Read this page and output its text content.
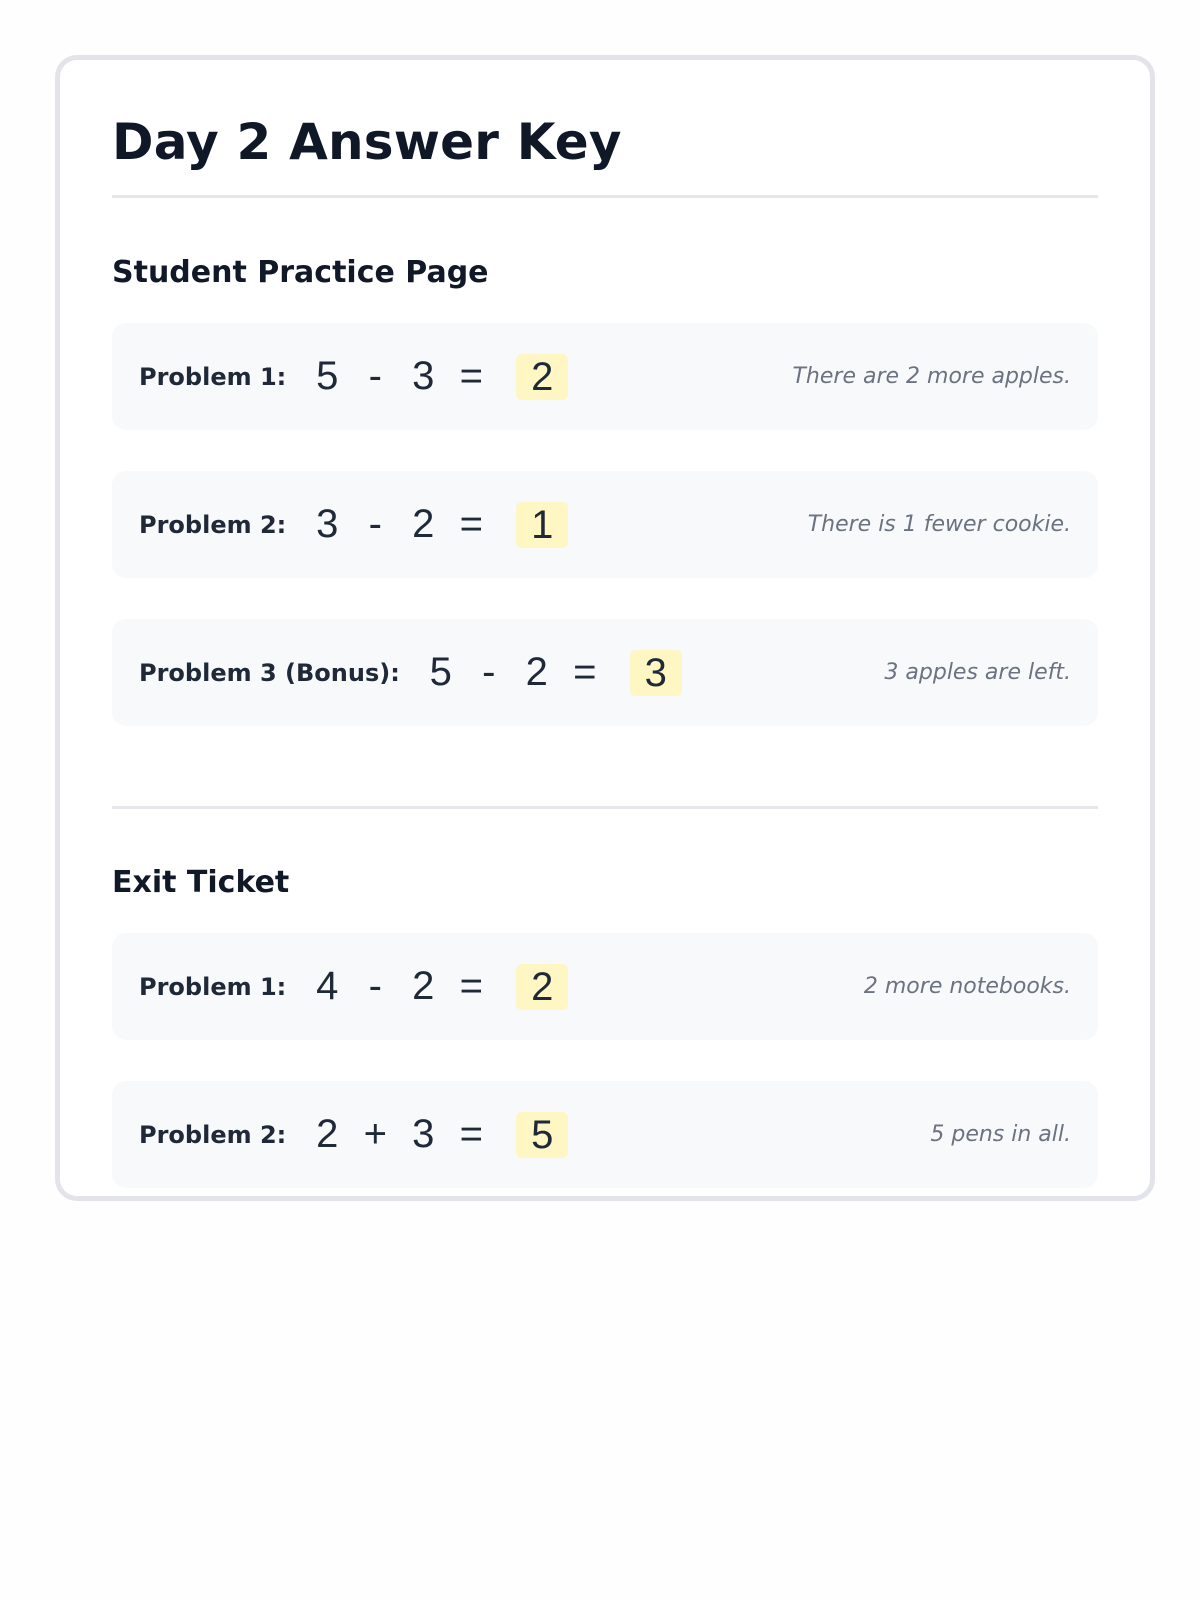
Day 2 Answer Key
Student Practice Page
Problem 1: 5 - 3 =	2	There are 2 more apples.
Problem 2: 3 - 2 =	1	There is 1 fewer cookie.
Problem 3 (Bonus): 5 - 2 =	3	3 apples are left.
Exit Ticket
Problem 1: 4 - 2 =	2	2 more notebooks.
Problem 2: 2 + 3 =	5	5 pens in all.
